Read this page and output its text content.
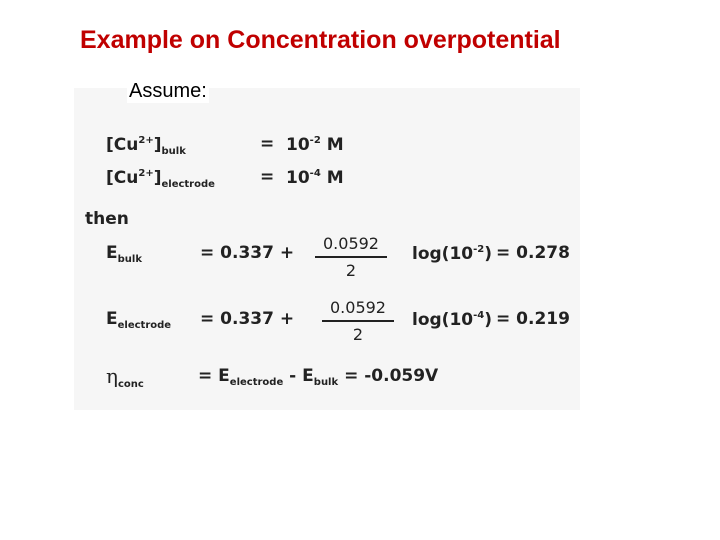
Example on Concentration overpotential
Assume:
$[Cu^{2+}]_{bulk}$	= $10^{-2}$ M
$[Cu^{2+}]_{electrode}$	= $10^{-4}$ M
then
$E_{bulk}$	= $0.337 + \frac{0.0592}{2} \log(10^{-2}) = 0.278$
$E_{electrode} = 0.337 + \frac{0.0592}{2} \log(10^{-4}) = 0.219$
$\eta_{conc}$	= $E_{electrode} - E_{bulk} = -0.059V$
